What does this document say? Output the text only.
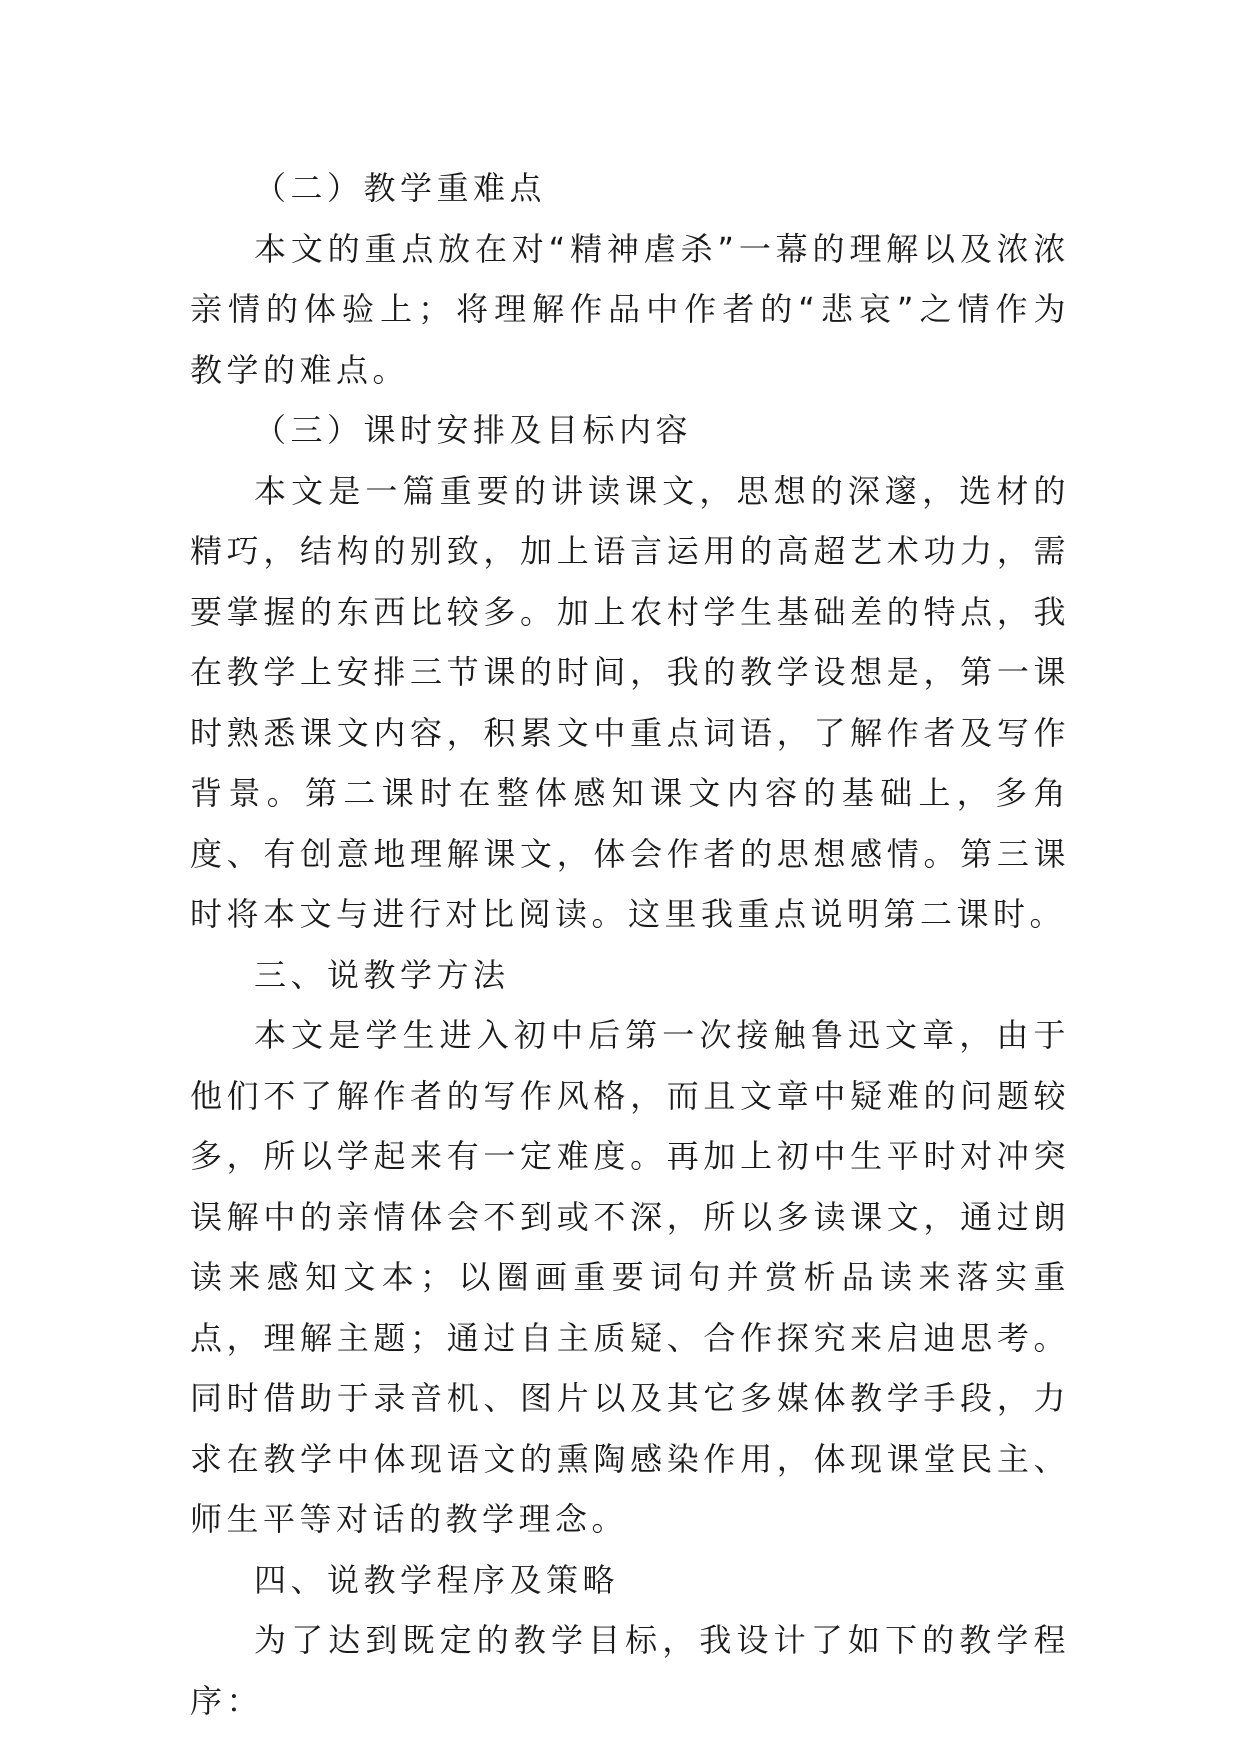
（二）教学重难点

本文的重点放在对“精神虐杀”一幕的理解以及浓浓亲情的体验上；将理解作品中作者的“悲哀”之情作为教学的难点。

（三）课时安排及目标内容

本文是一篇重要的讲读课文，思想的深邃，选材的精巧，结构的别致，加上语言运用的高超艺术功力，需要掌握的东西比较多。加上农村学生基础差的特点，我在教学上安排三节课的时间，我的教学设想是，第一课时熟悉课文内容，积累文中重点词语，了解作者及写作背景。第二课时在整体感知课文内容的基础上，多角度、有创意地理解课文，体会作者的思想感情。第三课时将本文与进行对比阅读。这里我重点说明第二课时。

三、说教学方法

本文是学生进入初中后第一次接触鲁迅文章，由于他们不了解作者的写作风格，而且文章中疑难的问题较多，所以学起来有一定难度。再加上初中生平时对冲突误解中的亲情体会不到或不深，所以多读课文，通过朗读来感知文本；以圈画重要词句并赏析品读来落实重点，理解主题；通过自主质疑、合作探究来启迪思考。同时借助于录音机、图片以及其它多媒体教学手段，力求在教学中体现语文的熏陶感染作用，体现课堂民主、师生平等对话的教学理念。

四、说教学程序及策略

为了达到既定的教学目标，我设计了如下的教学程序：
